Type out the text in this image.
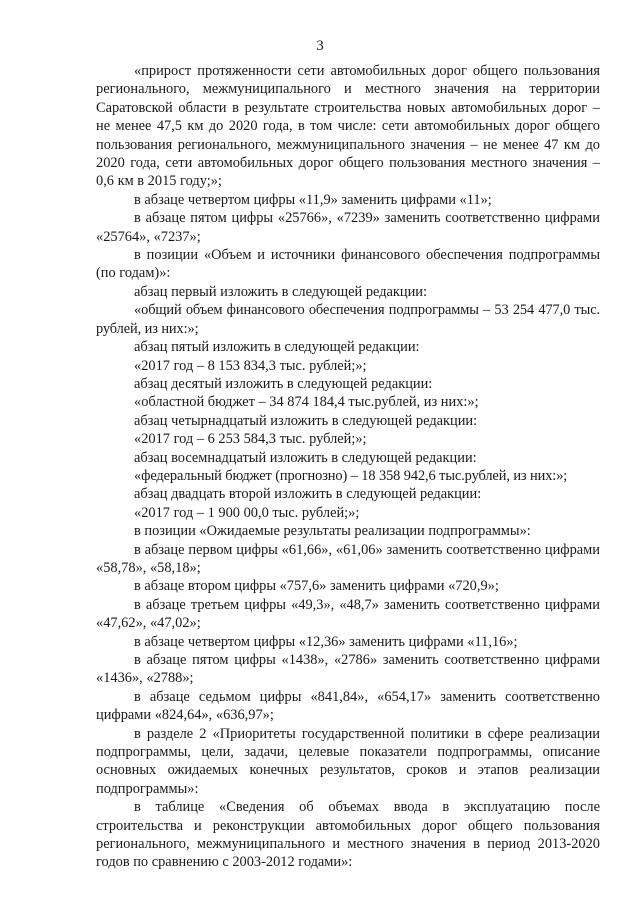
3

«прирост протяженности сети автомобильных дорог общего пользования регионального, межмуниципального и местного значения на территории Саратовской области в результате строительства новых автомобильных дорог – не менее 47,5 км до 2020 года, в том числе: сети автомобильных дорог общего пользования регионального, межмуниципального значения – не менее 47 км до 2020 года, сети автомобильных дорог общего пользования местного значения – 0,6 км в 2015 году;»;

в абзаце четвертом цифры «11,9» заменить цифрами «11»;

в абзаце пятом цифры «25766», «7239» заменить соответственно цифрами «25764», «7237»;

в позиции «Объем и источники финансового обеспечения подпрограммы (по годам)»:

абзац первый изложить в следующей редакции:

«общий объем финансового обеспечения подпрограммы – 53 254 477,0 тыс. рублей, из них:»;

абзац пятый изложить в следующей редакции:

«2017 год – 8 153 834,3 тыс. рублей;»;

абзац десятый изложить в следующей редакции:

«областной бюджет – 34 874 184,4 тыс.рублей, из них:»;

абзац четырнадцатый изложить в следующей редакции:

«2017 год – 6 253 584,3 тыс. рублей;»;

абзац восемнадцатый изложить в следующей редакции:

«федеральный бюджет (прогнозно) – 18 358 942,6 тыс.рублей, из них:»;

абзац двадцать второй изложить в следующей редакции:

«2017 год – 1 900 00,0 тыс. рублей;»;

в позиции «Ожидаемые результаты реализации подпрограммы»:

в абзаце первом цифры «61,66», «61,06» заменить соответственно цифрами «58,78», «58,18»;

в абзаце втором цифры «757,6» заменить цифрами «720,9»;

в абзаце третьем цифры «49,3», «48,7» заменить соответственно цифрами «47,62», «47,02»;

в абзаце четвертом цифры «12,36» заменить цифрами «11,16»;

в абзаце пятом цифры «1438», «2786» заменить соответственно цифрами «1436», «2788»;

в абзаце седьмом цифры «841,84», «654,17» заменить соответственно цифрами «824,64», «636,97»;

в разделе 2 «Приоритеты государственной политики в сфере реализации подпрограммы, цели, задачи, целевые показатели подпрограммы, описание основных ожидаемых конечных результатов, сроков и этапов реализации подпрограммы»:

в таблице «Сведения об объемах ввода в эксплуатацию после строительства и реконструкции автомобильных дорог общего пользования регионального, межмуниципального и местного значения в период 2013-2020 годов по сравнению с 2003-2012 годами»:
